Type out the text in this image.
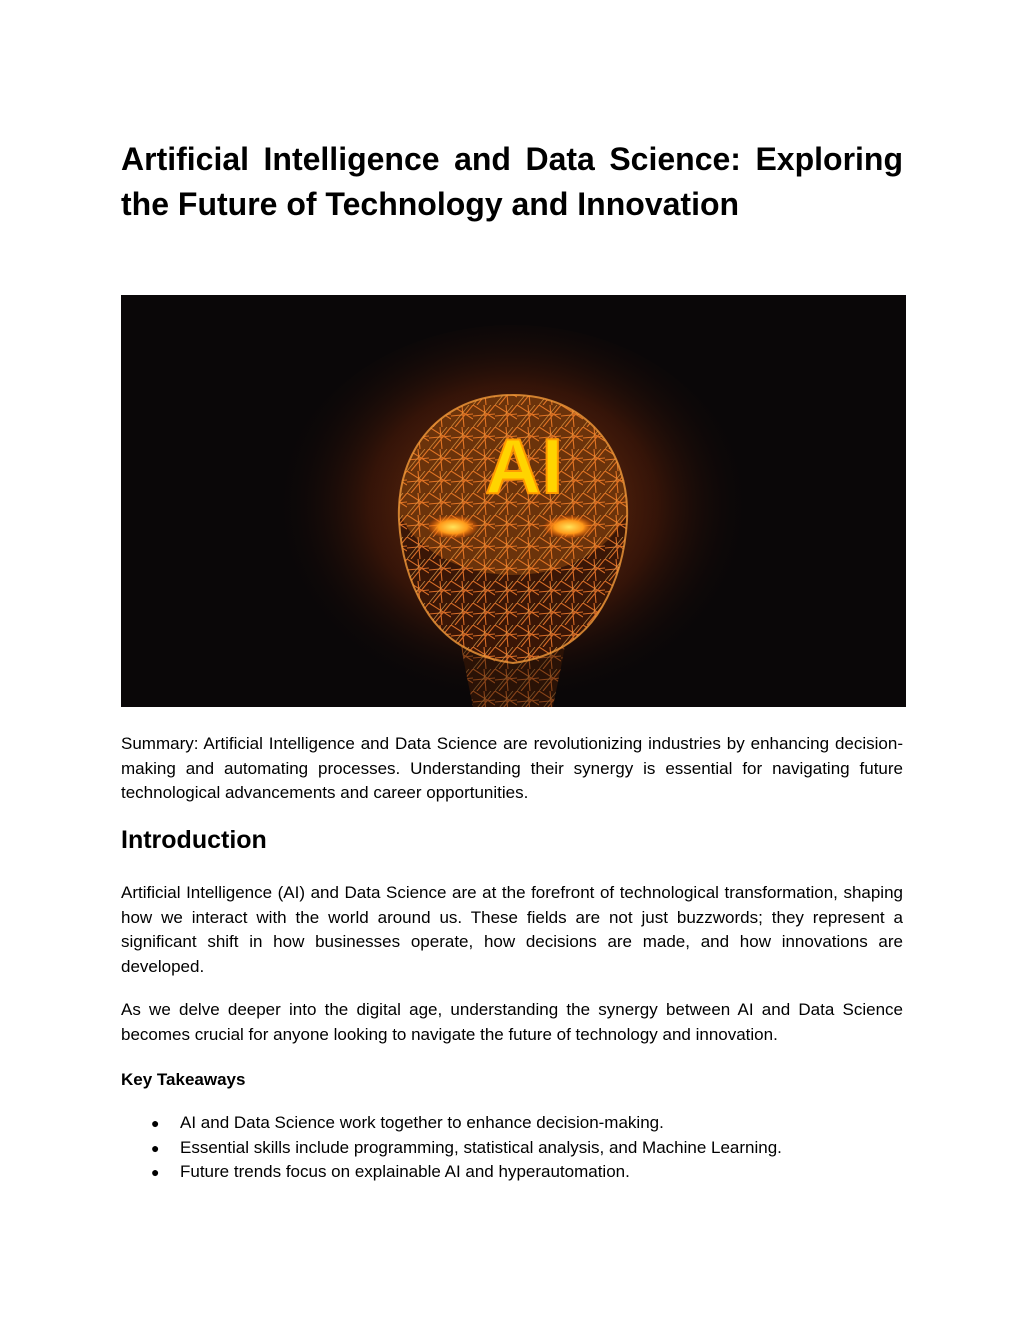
Artificial Intelligence and Data Science: Exploring the Future of Technology and Innovation
AI

Summary: Artificial Intelligence and Data Science are revolutionizing industries by enhancing decision-making and automating processes. Understanding their synergy is essential for navigating future technological advancements and career opportunities.

Introduction

Artificial Intelligence (AI) and Data Science are at the forefront of technological transformation, shaping how we interact with the world around us. These fields are not just buzzwords; they represent a significant shift in how businesses operate, how decisions are made, and how innovations are developed.

As we delve deeper into the digital age, understanding the synergy between AI and Data Science becomes crucial for anyone looking to navigate the future of technology and innovation.

Key Takeaways

● AI and Data Science work together to enhance decision-making.
● Essential skills include programming, statistical analysis, and Machine Learning.
● Future trends focus on explainable AI and hyperautomation.
